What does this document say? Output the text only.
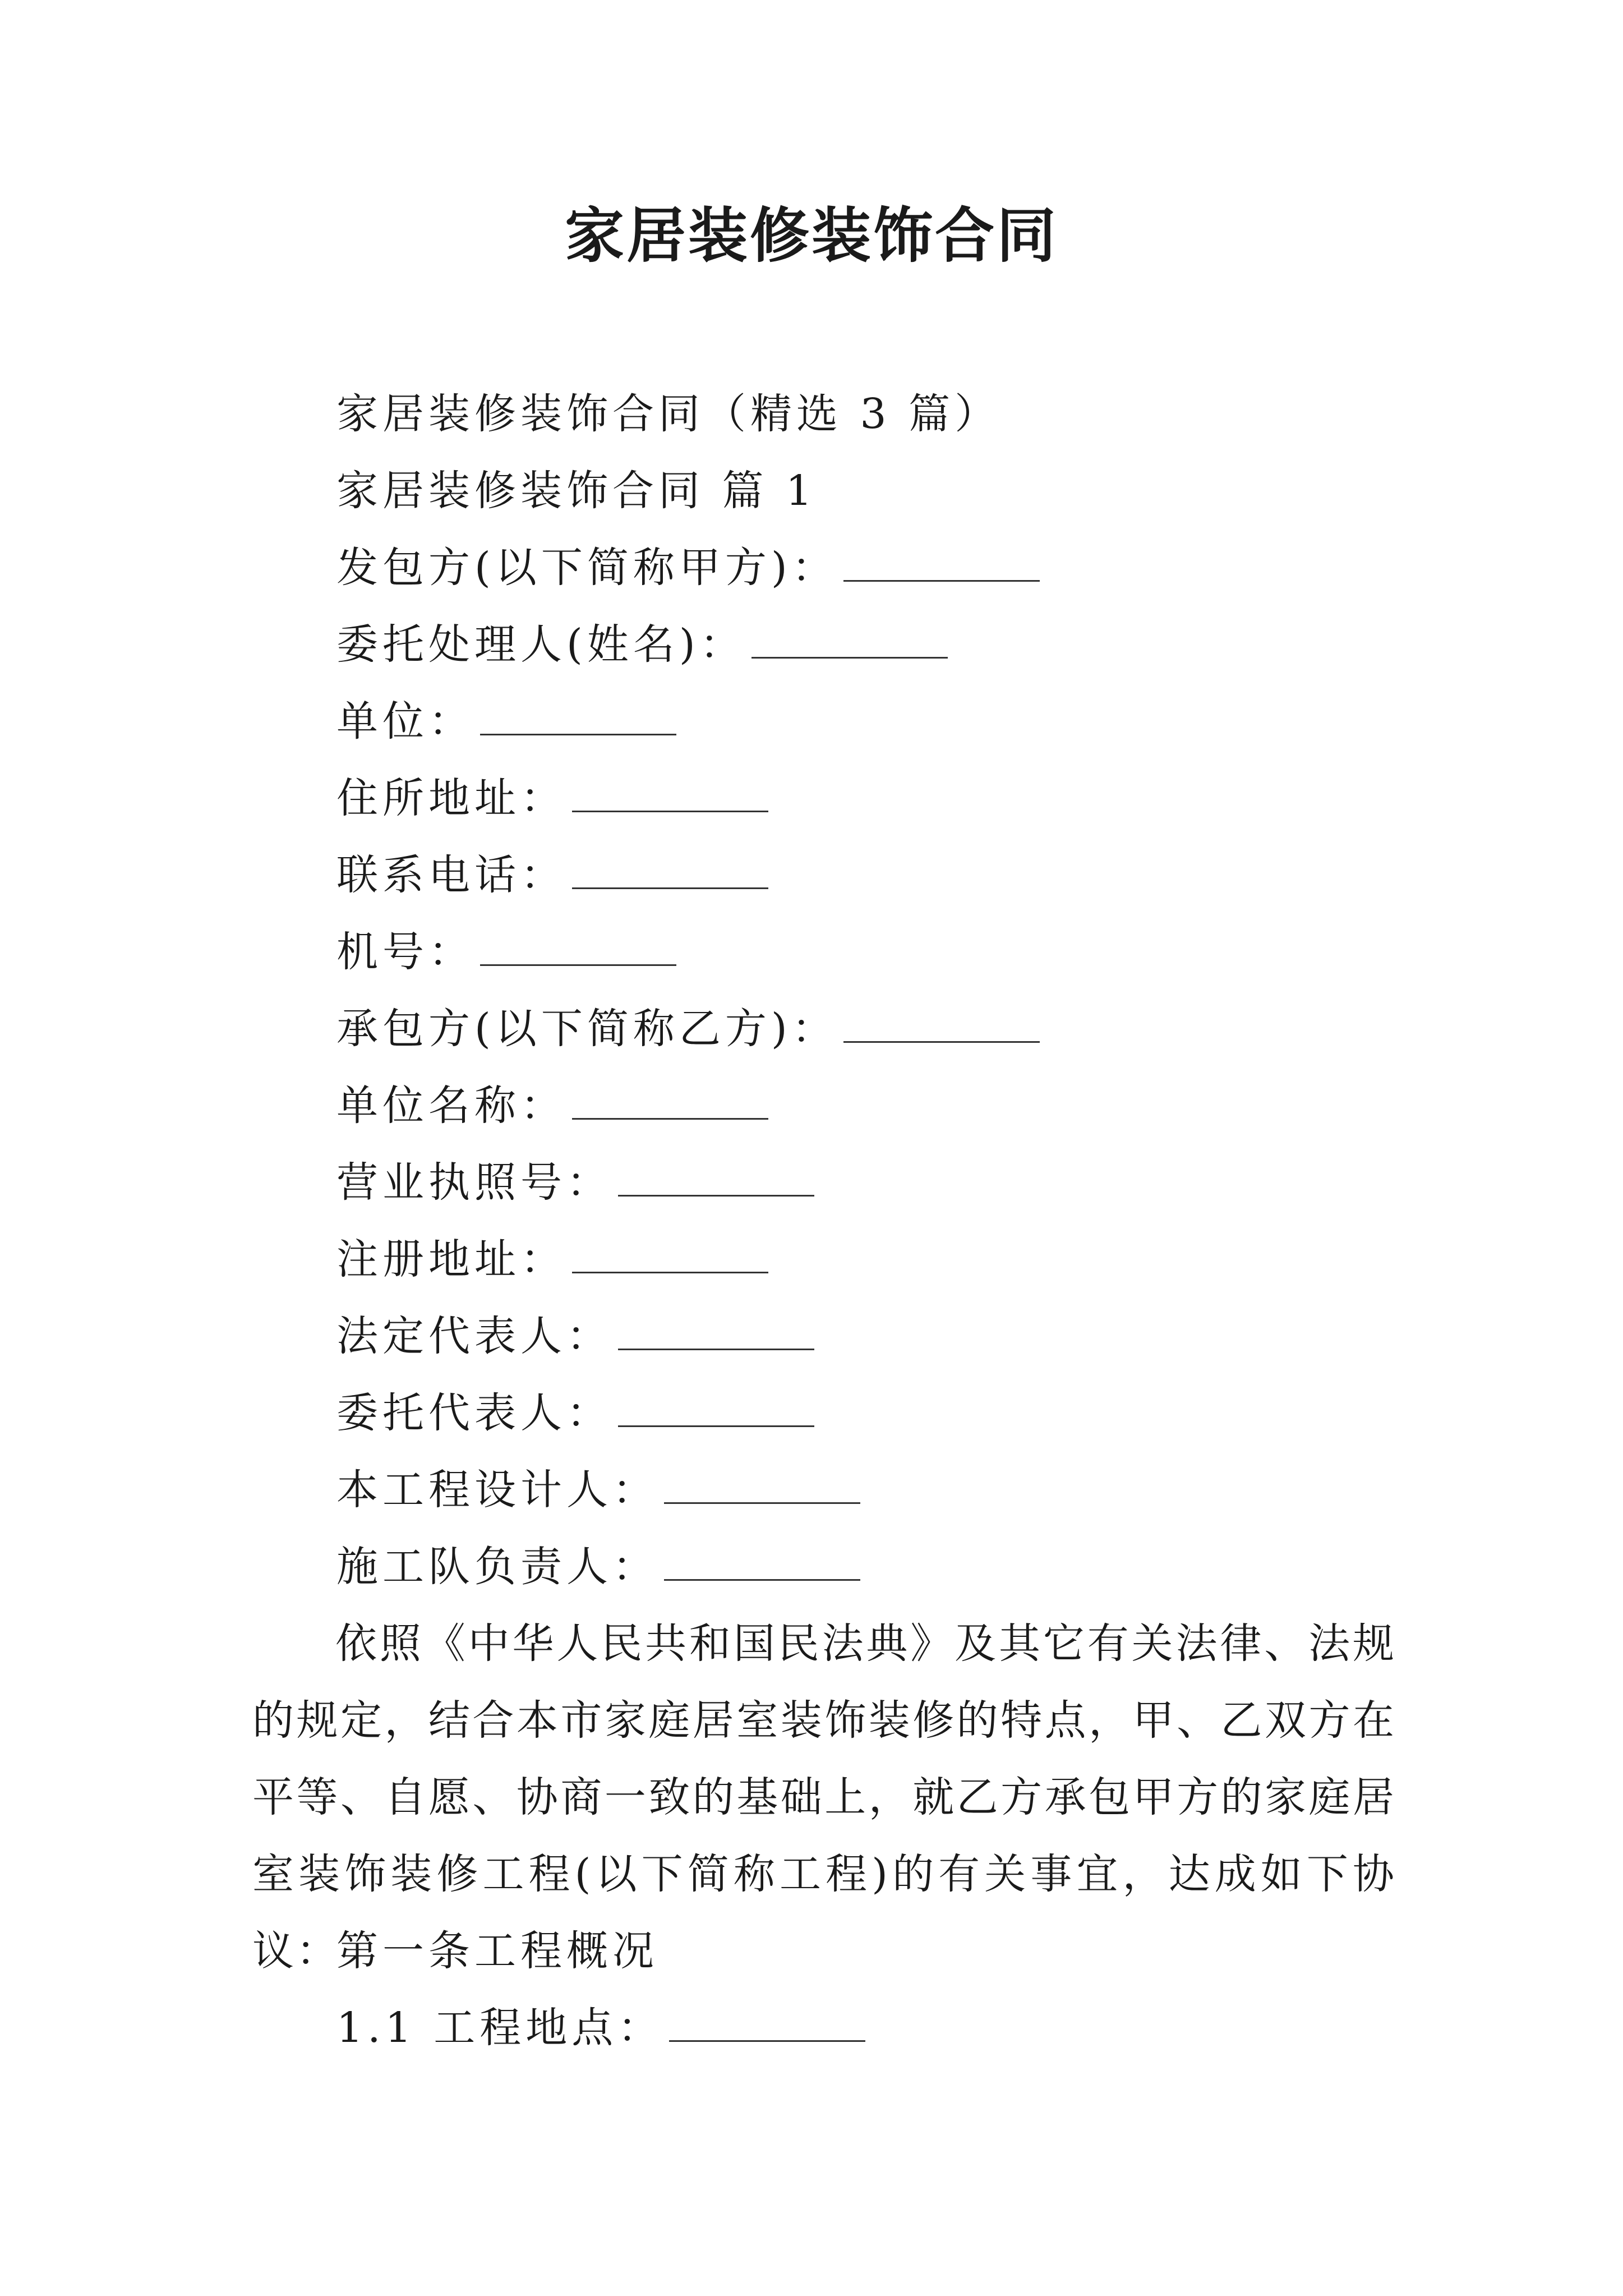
家居装修装饰合同
家居装修装饰合同（精选 3 篇）
家居装修装饰合同 篇 1
发包方(以下简称甲方)：
委托处理人(姓名)：
单位：
住所地址：
联系电话：
机号：
承包方(以下简称乙方)：
单位名称：
营业执照号：
注册地址：
法定代表人：
委托代表人：
本工程设计人：
施工队负责人：
依照《中华人民共和国民法典》及其它有关法律、法规的规定，结合本市家庭居室装饰装修的特点，甲、乙双方在平等、自愿、协商一致的基础上，就乙方承包甲方的家庭居室装饰装修工程(以下简称工程)的有关事宜，达成如下协议：
第一条工程概况
1.1 工程地点：
